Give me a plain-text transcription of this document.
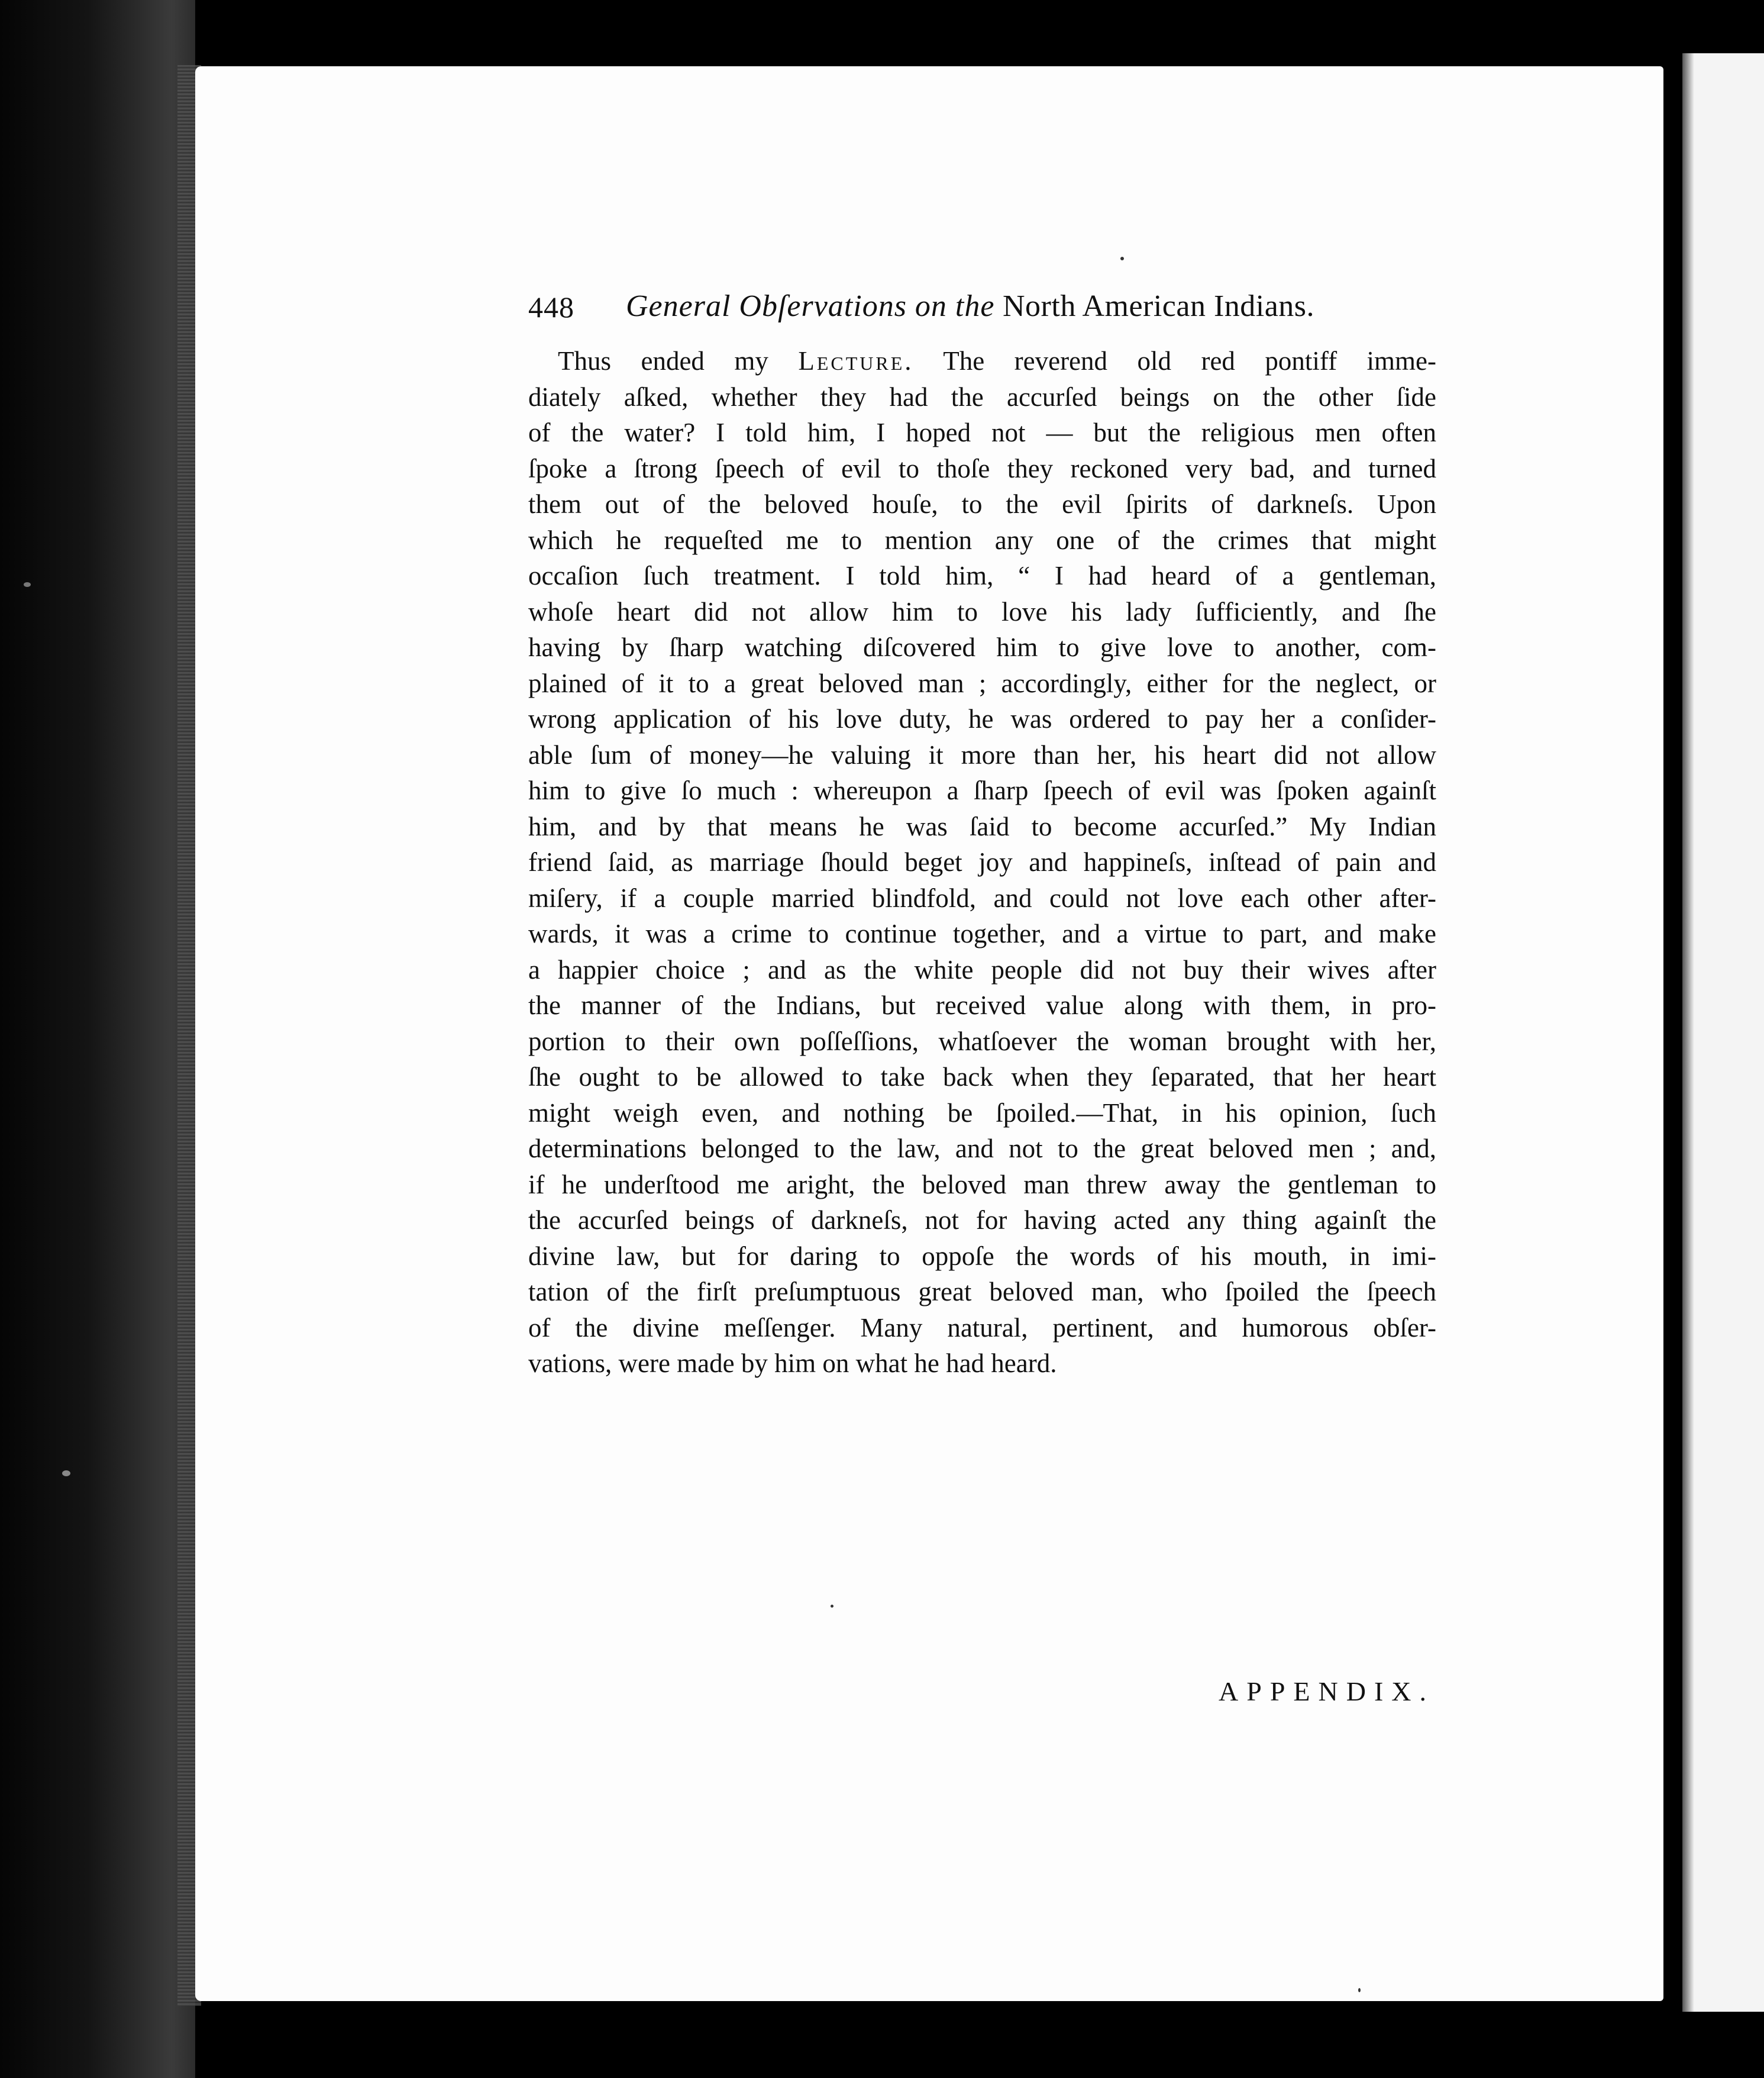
448 General Obſervations on the North American Indians.
Thus ended my Lecture. The reverend old red pontiff imme-
diately aſked, whether they had the accurſed beings on the other ſide
of the water? I told him, I hoped not — but the religious men often
ſpoke a ſtrong ſpeech of evil to thoſe they reckoned very bad, and turned
them out of the beloved houſe, to the evil ſpirits of darkneſs. Upon
which he requeſted me to mention any one of the crimes that might
occaſion ſuch treatment. I told him, “ I had heard of a gentleman,
whoſe heart did not allow him to love his lady ſufficiently, and ſhe
having by ſharp watching diſcovered him to give love to another, com-
plained of it to a great beloved man ; accordingly, either for the neglect, or
wrong application of his love duty, he was ordered to pay her a conſider-
able ſum of money—he valuing it more than her, his heart did not allow
him to give ſo much : whereupon a ſharp ſpeech of evil was ſpoken againſt
him, and by that means he was ſaid to become accurſed.” My Indian
friend ſaid, as marriage ſhould beget joy and happineſs, inſtead of pain and
miſery, if a couple married blindfold, and could not love each other after-
wards, it was a crime to continue together, and a virtue to part, and make
a happier choice ; and as the white people did not buy their wives after
the manner of the Indians, but received value along with them, in pro-
portion to their own poſſeſſions, whatſoever the woman brought with her,
ſhe ought to be allowed to take back when they ſeparated, that her heart
might weigh even, and nothing be ſpoiled.—That, in his opinion, ſuch
determinations belonged to the law, and not to the great beloved men ; and,
if he underſtood me aright, the beloved man threw away the gentleman to
the accurſed beings of darkneſs, not for having acted any thing againſt the
divine law, but for daring to oppoſe the words of his mouth, in imi-
tation of the firſt preſumptuous great beloved man, who ſpoiled the ſpeech
of the divine meſſenger. Many natural, pertinent, and humorous obſer-
vations, were made by him on what he had heard.
APPENDIX.
